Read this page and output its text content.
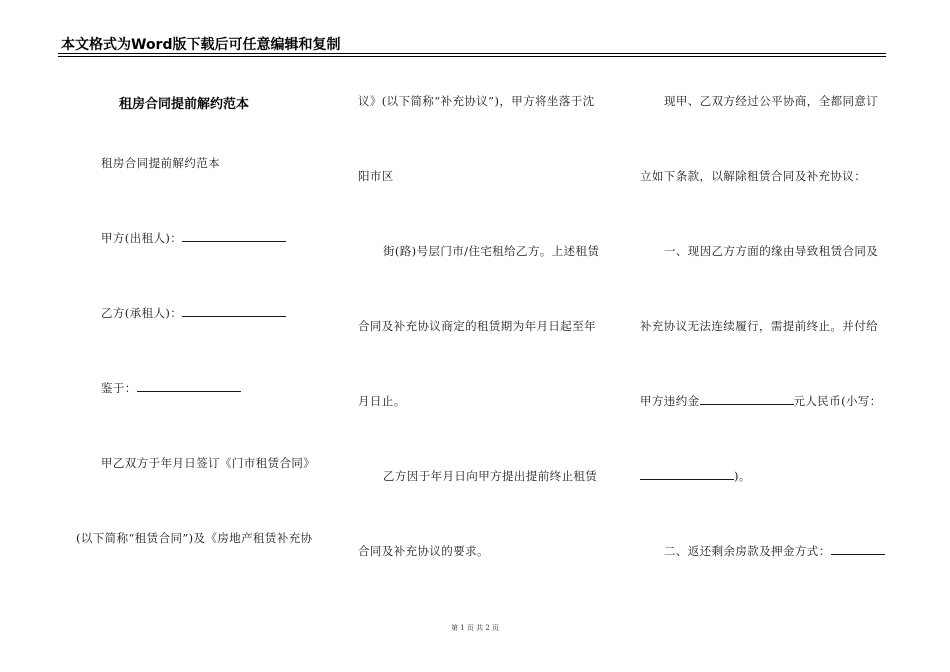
本文格式为Word版下载后可任意编辑和复制
租房合同提前解约范本
租房合同提前解约范本
甲方(出租人)：
乙方(承租人)：
鉴于：
甲乙双方于年月日签订《门市租赁合同》
(以下简称“租赁合同”)及《房地产租赁补充协
议》(以下简称“补充协议”)，甲方将坐落于沈
阳市区
街(路)号层门市/住宅租给乙方。上述租赁
合同及补充协议商定的租赁期为年月日起至年
月日止。
乙方因于年月日向甲方提出提前终止租赁
合同及补充协议的要求。
现甲、乙双方经过公平协商，全都同意订
立如下条款，以解除租赁合同及补充协议：
一、现因乙方方面的缘由导致租赁合同及
补充协议无法连续履行，需提前终止。并付给
甲方违约金	元人民币(小写：
)。
二、返还剩余房款及押金方式：
第 1 页 共 2 页
